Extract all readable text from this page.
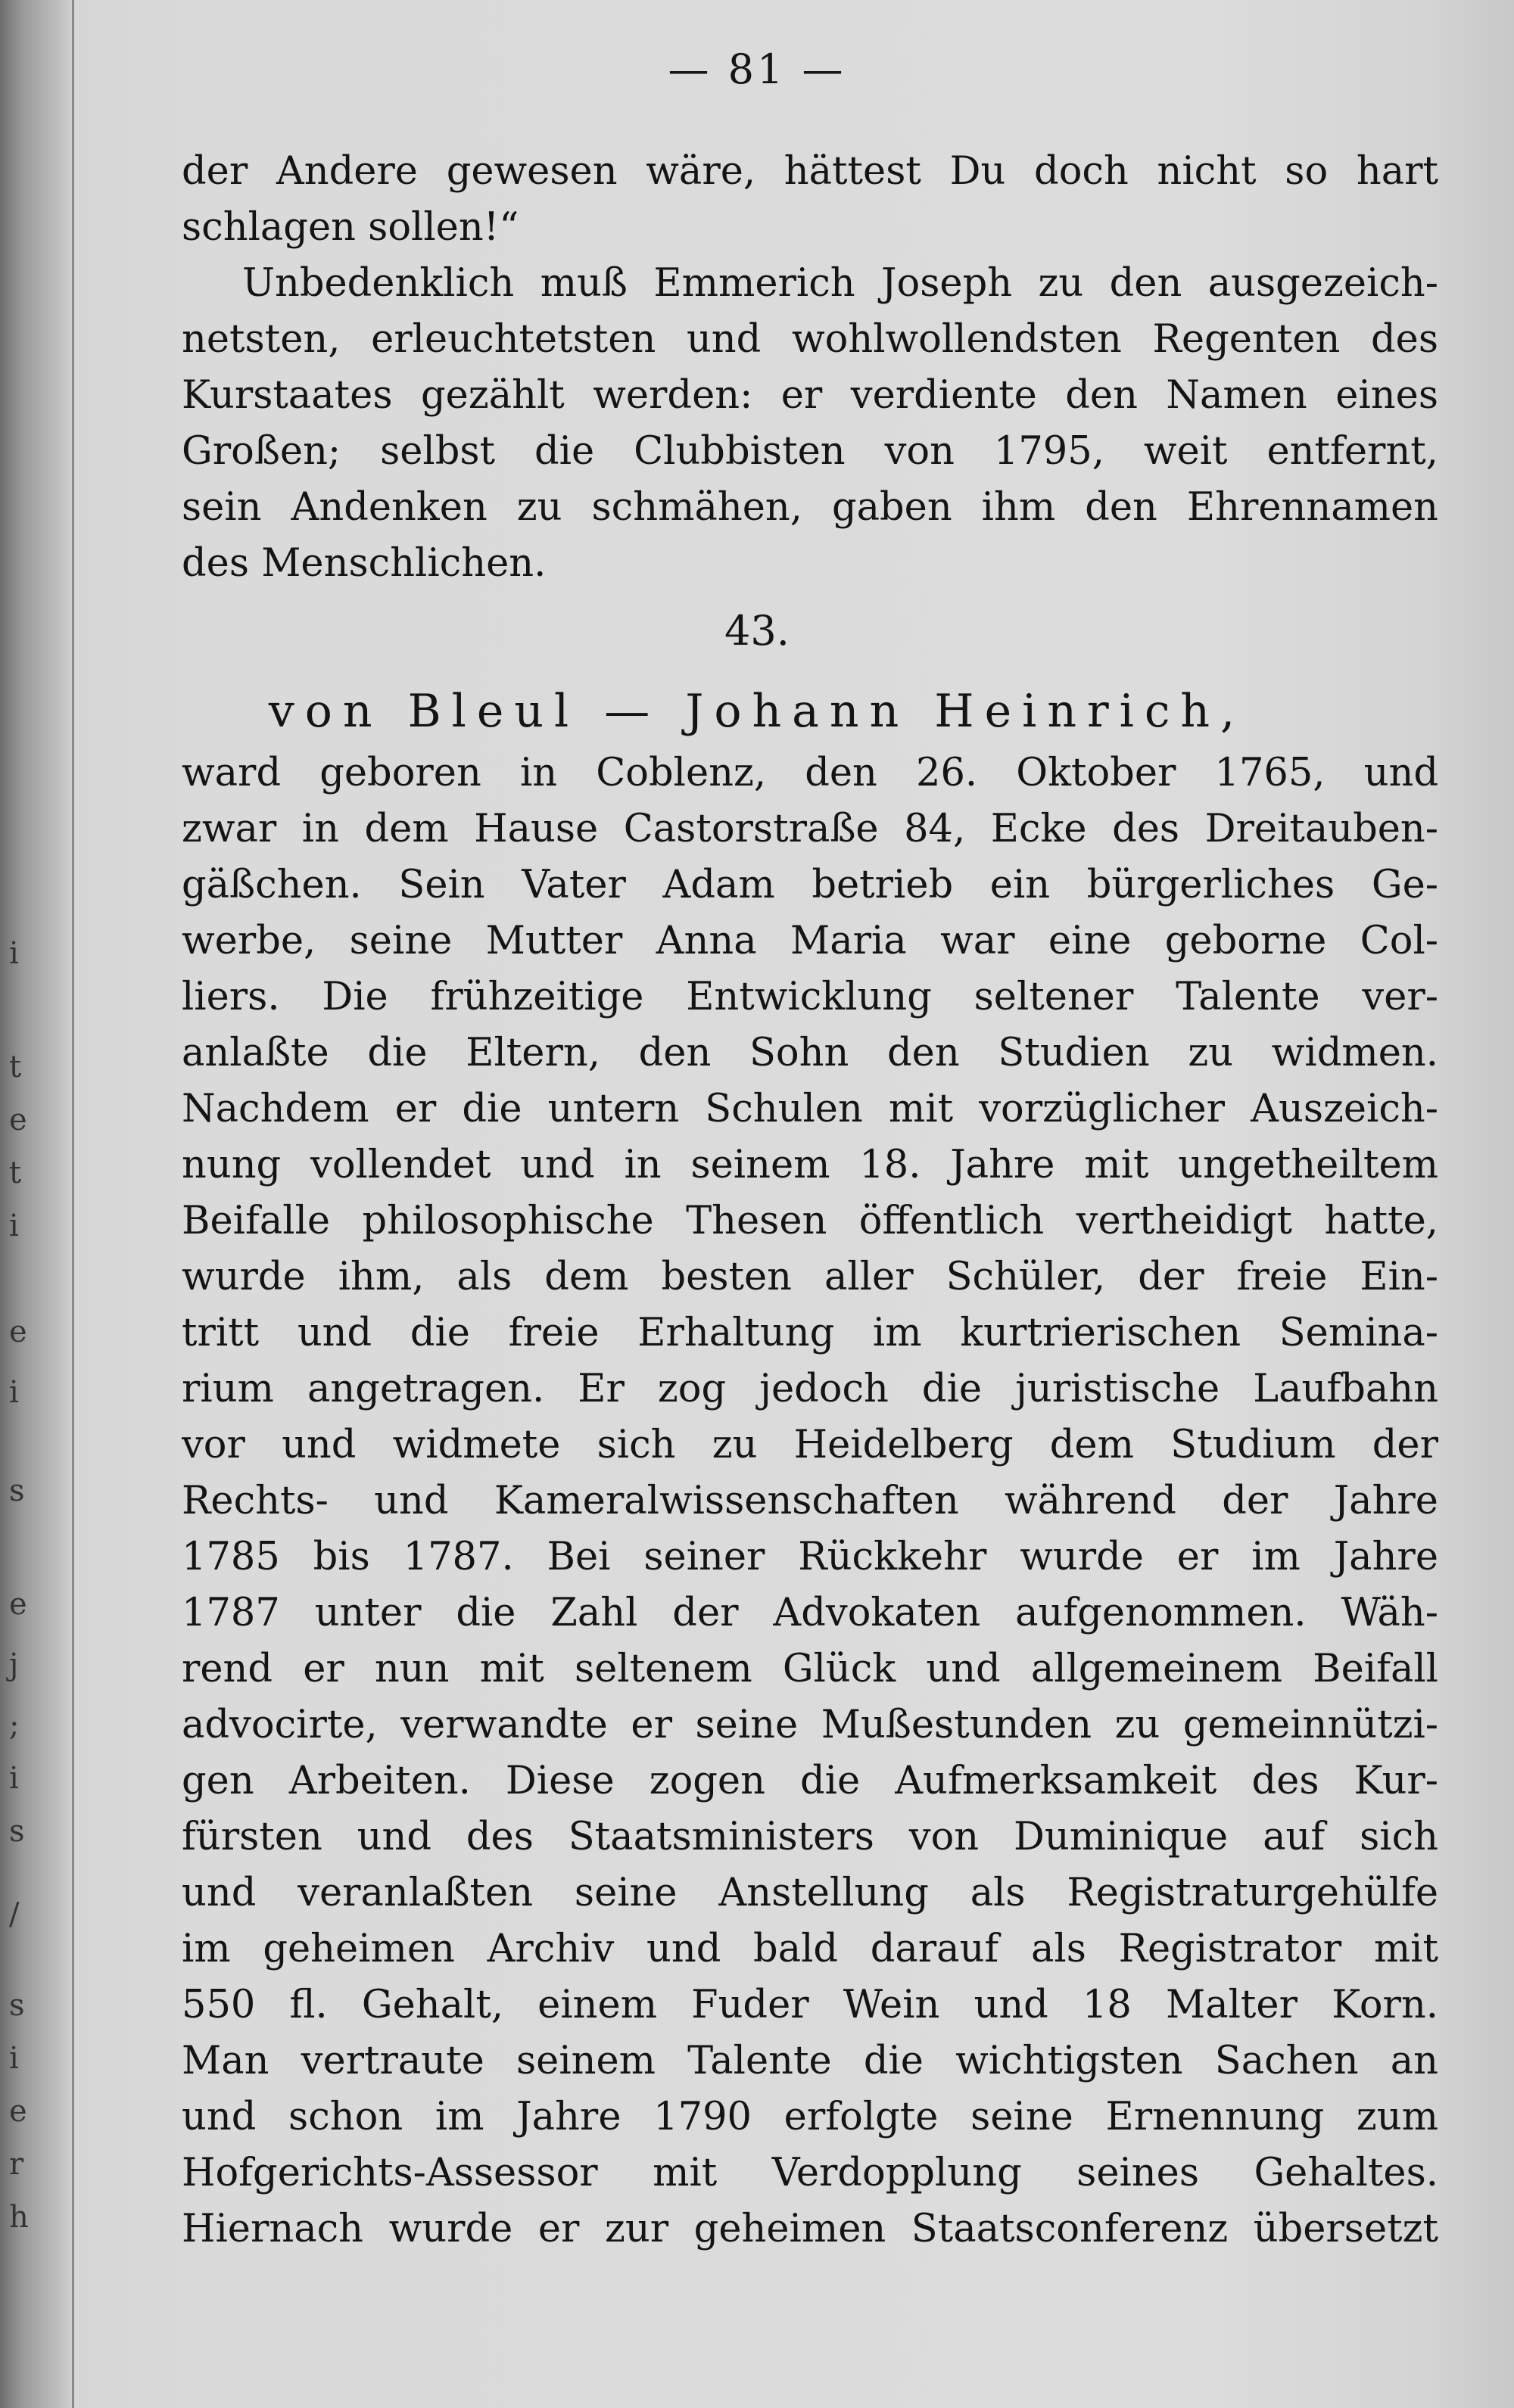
i
t
e
t
i
e
i
s
e
j
;
i
s
/
s
i
e
r
h
— 81 —
der Andere gewesen wäre, hättest Du doch nicht so hart
schlagen sollen!“
Unbedenklich muß Emmerich Joseph zu den ausgezeich-
netsten, erleuchtetsten und wohlwollendsten Regenten des
Kurstaates gezählt werden: er verdiente den Namen eines
Großen; selbst die Clubbisten von 1795, weit entfernt,
sein Andenken zu schmähen, gaben ihm den Ehrennamen
des Menschlichen.
43.
von Bleul — Johann Heinrich,
ward geboren in Coblenz, den 26. Oktober 1765, und
zwar in dem Hause Castorstraße 84, Ecke des Dreitauben-
gäßchen. Sein Vater Adam betrieb ein bürgerliches Ge-
werbe, seine Mutter Anna Maria war eine geborne Col-
liers. Die frühzeitige Entwicklung seltener Talente ver-
anlaßte die Eltern, den Sohn den Studien zu widmen.
Nachdem er die untern Schulen mit vorzüglicher Auszeich-
nung vollendet und in seinem 18. Jahre mit ungetheiltem
Beifalle philosophische Thesen öffentlich vertheidigt hatte,
wurde ihm, als dem besten aller Schüler, der freie Ein-
tritt und die freie Erhaltung im kurtrierischen Semina-
rium angetragen. Er zog jedoch die juristische Laufbahn
vor und widmete sich zu Heidelberg dem Studium der
Rechts- und Kameralwissenschaften während der Jahre
1785 bis 1787. Bei seiner Rückkehr wurde er im Jahre
1787 unter die Zahl der Advokaten aufgenommen. Wäh-
rend er nun mit seltenem Glück und allgemeinem Beifall
advocirte, verwandte er seine Mußestunden zu gemeinnützi-
gen Arbeiten. Diese zogen die Aufmerksamkeit des Kur-
fürsten und des Staatsministers von Duminique auf sich
und veranlaßten seine Anstellung als Registraturgehülfe
im geheimen Archiv und bald darauf als Registrator mit
550 fl. Gehalt, einem Fuder Wein und 18 Malter Korn.
Man vertraute seinem Talente die wichtigsten Sachen an
und schon im Jahre 1790 erfolgte seine Ernennung zum
Hofgerichts-Assessor mit Verdopplung seines Gehaltes.
Hiernach wurde er zur geheimen Staatsconferenz übersetzt
